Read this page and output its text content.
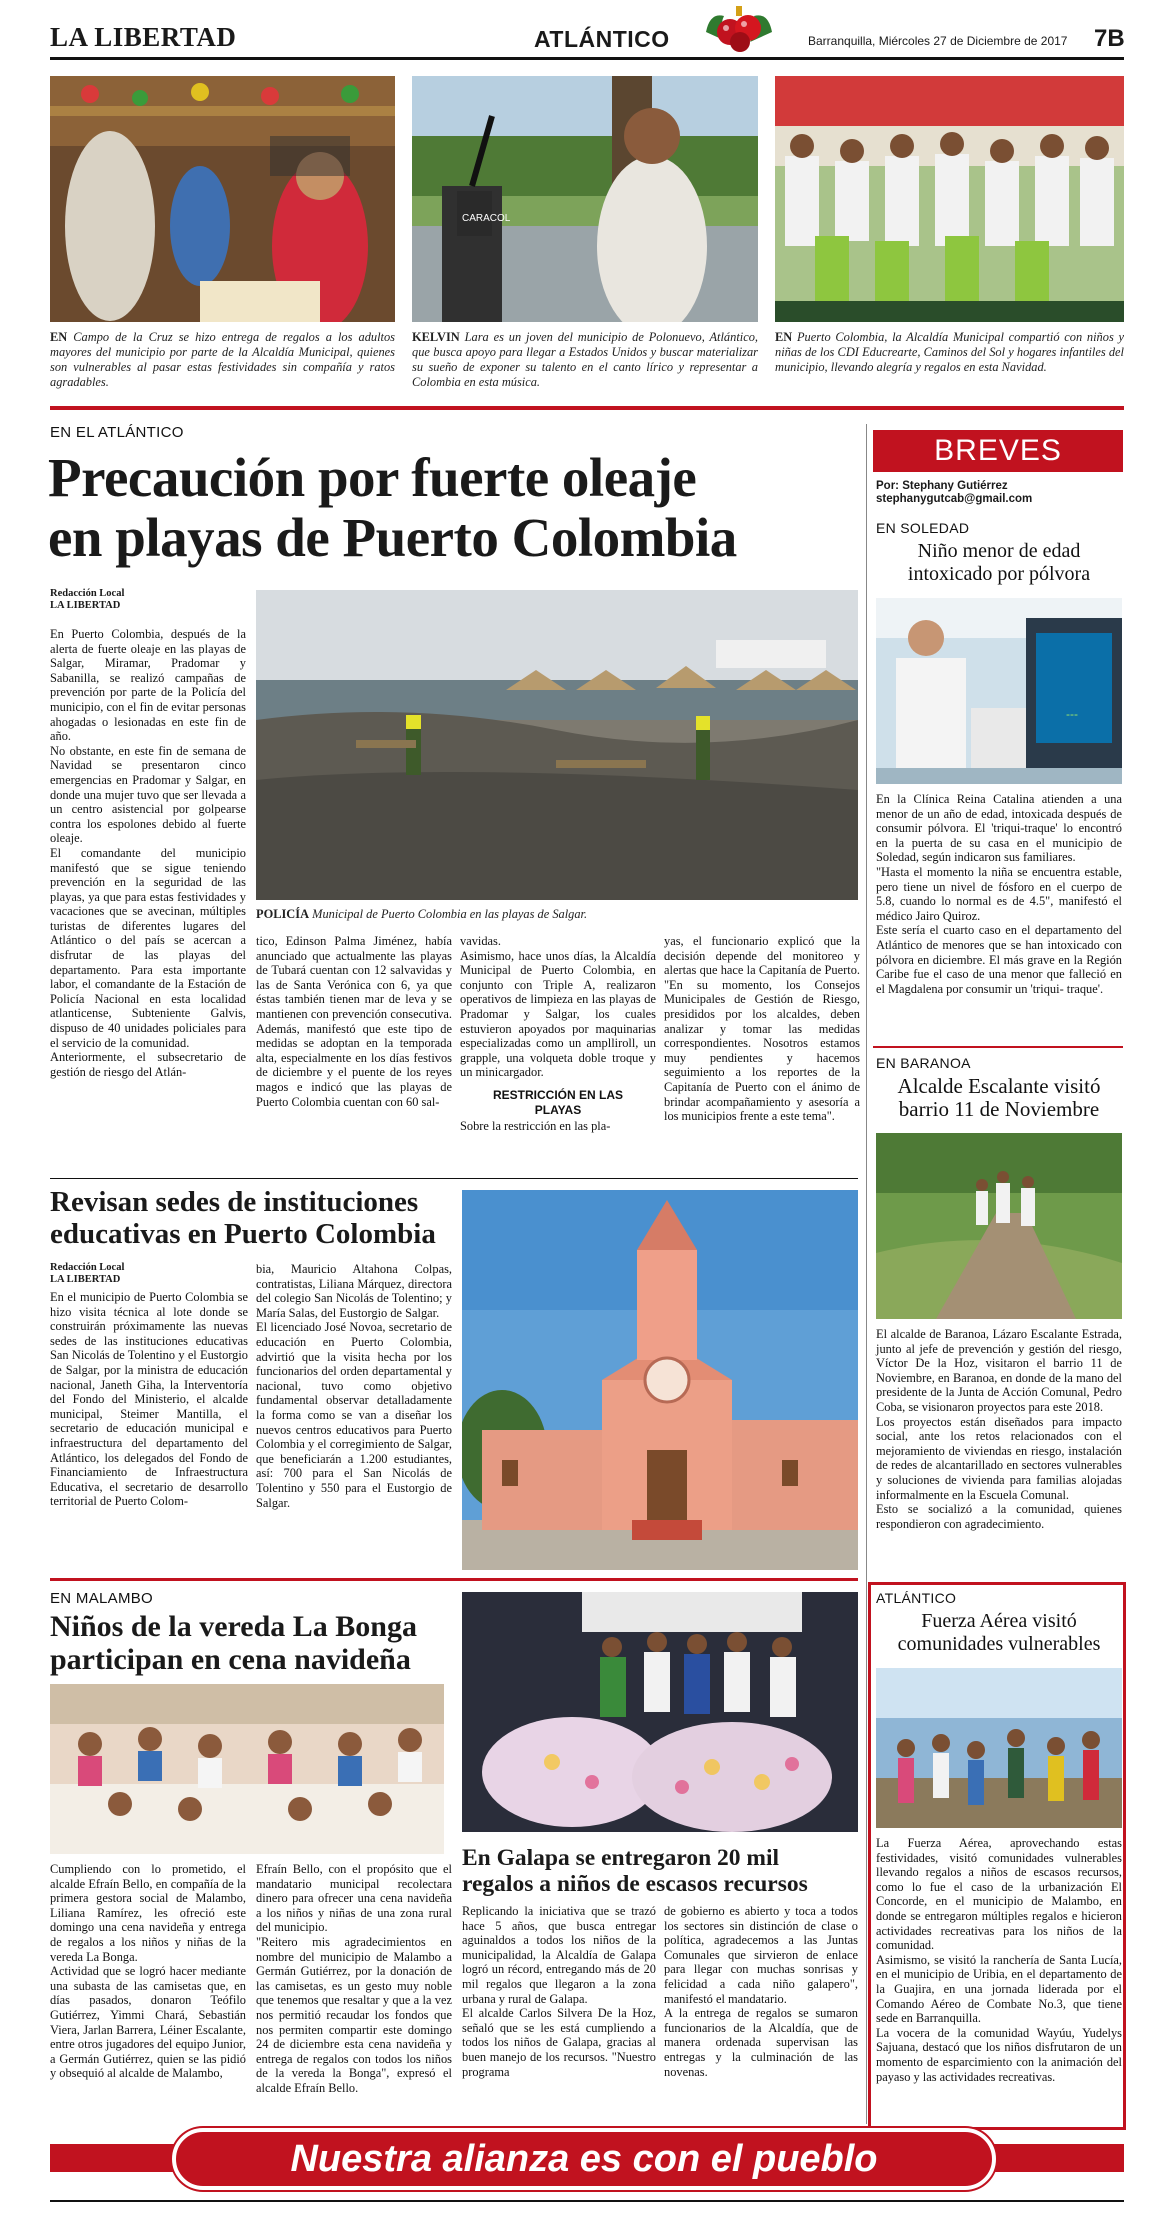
LA LIBERTAD	ATLÁNTICO	Barranquilla, Miércoles 27 de Diciembre de 2017 7B
CARACOL
EN Campo de la Cruz se hizo entrega de regalos a los adultos mayores del municipio por parte de la Alcaldía Municipal, quienes son vulnerables al pasar estas festividades sin compañía y ratos agradables.
KELVIN Lara es un joven del municipio de Polonuevo, Atlántico, que busca apoyo para llegar a Estados Unidos y buscar materializar su sueño de exponer su talento en el canto lírico y representar a Colombia en esta música.
EN Puerto Colombia, la Alcaldía Municipal compartió con niños y niñas de los CDI Educrearte, Caminos del Sol y hogares infantiles del municipio, llevando alegría y regalos en esta Navidad.
EN EL ATLÁNTICO
Precaución por fuerte oleaje
en playas de Puerto Colombia
Redacción Local
LA LIBERTAD

En Puerto Colombia, después de la alerta de fuerte oleaje en las playas de Salgar, Miramar, Pradomar y Sabanilla, se realizó campañas de prevención por parte de la Policía del municipio, con el fin de evitar personas ahogadas o lesionadas en este fin de año.

No obstante, en este fin de semana de Navidad se presentaron cinco emergencias en Pradomar y Salgar, en donde una mujer tuvo que ser llevada a un centro asistencial por golpearse contra los espolones debido al fuerte oleaje.

El comandante del municipio manifestó que se sigue teniendo prevención en la seguridad de las playas, ya que para estas festividades y vacaciones que se avecinan, múltiples turistas de diferentes lugares del Atlántico o del país se acercan a disfrutar de las playas del departamento. Para esta importante labor, el comandante de la Estación de Policía Nacional en esta localidad atlanticense, Subteniente Galvis, dispuso de 40 unidades policiales para el servicio de la comunidad.

Anteriormente, el subsecretario de gestión de riesgo del Atlán-

POLICÍA Municipal de Puerto Colombia en las playas de Salgar.

tico, Edinson Palma Jiménez, había anunciado que actualmente las playas de Tubará cuentan con 12 salvavidas y las de Santa Verónica con 6, ya que éstas también tienen mar de leva y se mantienen con prevención consecutiva. Además, manifestó que este tipo de medidas se adoptan en la temporada alta, especialmente en los días festivos de diciembre y el puente de los reyes magos e indicó que las playas de Puerto Colombia cuentan con 60 sal-

vavidas.

Asimismo, hace unos días, la Alcaldía Municipal de Puerto Colombia, en conjunto con Triple A, realizaron operativos de limpieza en las playas de Pradomar y Salgar, los cuales estuvieron apoyados por maquinarias especializadas como un amplliroll, un grapple, una volqueta doble troque y un minicargador.

RESTRICCIÓN EN LAS PLAYAS

Sobre la restricción en las pla-

yas, el funcionario explicó que la decisión depende del monitoreo y alertas que hace la Capitanía de Puerto. "En su momento, los Consejos Municipales de Gestión de Riesgo, presididos por los alcaldes, deben analizar y tomar las medidas correspondientes. Nosotros estamos muy pendientes y hacemos seguimiento a los reportes de la Capitanía de Puerto con el ánimo de brindar acompañamiento y asesoría a los municipios frente a este tema".

Revisan sedes de instituciones
educativas en Puerto Colombia
Redacción Local
LA LIBERTAD

En el municipio de Puerto Colombia se hizo visita técnica al lote donde se construirán próximamente las nuevas sedes de las instituciones educativas San Nicolás de Tolentino y el Eustorgio de Salgar, por la ministra de educación nacional, Janeth Giha, la Interventoría del Fondo del Ministerio, el alcalde municipal, Steimer Mantilla, el secretario de educación municipal e infraestructura del departamento del Atlántico, los delegados del Fondo de Financiamiento de Infraestructura Educativa, el secretario de desarrollo territorial de Puerto Colom-

bia, Mauricio Altahona Colpas, contratistas, Liliana Márquez, directora del colegio San Nicolás de Tolentino; y María Salas, del Eustorgio de Salgar.

El licenciado José Novoa, secretario de educación en Puerto Colombia, advirtió que la visita hecha por los funcionarios del orden departamental y nacional, tuvo como objetivo fundamental observar detalladamente la forma como se van a diseñar los nuevos centros educativos para Puerto Colombia y el corregimiento de Salgar, que beneficiarán a 1.200 estudiantes, así: 700 para el San Nicolás de Tolentino y 550 para el Eustorgio de Salgar.

EN MALAMBO
Niños de la vereda La Bonga
participan en cena navideña

Cumpliendo con lo prometido, el alcalde Efraín Bello, en compañía de la primera gestora social de Malambo, Liliana Ramírez, les ofreció este domingo una cena navideña y entrega de regalos a los niños y niñas de la vereda La Bonga.

Actividad que se logró hacer mediante una subasta de las camisetas que, en días pasados, donaron Teófilo Gutiérrez, Yimmi Chará, Sebastián Viera, Jarlan Barrera, Léiner Escalante, entre otros jugadores del equipo Junior, a Germán Gutiérrez, quien se las pidió y obsequió al alcalde de Malambo,

Efraín Bello, con el propósito que el mandatario municipal recolectara dinero para ofrecer una cena navideña a los niños y niñas de una zona rural del municipio.

"Reitero mis agradecimientos en nombre del municipio de Malambo a Germán Gutiérrez, por la donación de las camisetas, es un gesto muy noble que tenemos que resaltar y que a la vez nos permitió recaudar los fondos que nos permiten compartir este domingo 24 de diciembre esta cena navideña y entrega de regalos con todos los niños de la vereda la Bonga", expresó el alcalde Efraín Bello.

En Galapa se entregaron 20 mil
regalos a niños de escasos recursos

Replicando la iniciativa que se trazó hace 5 años, que busca entregar aguinaldos a todos los niños de la municipalidad, la Alcaldía de Galapa logró un récord, entregando más de 20 mil regalos que llegaron a la zona urbana y rural de Galapa.

El alcalde Carlos Silvera De la Hoz, señaló que se les está cumpliendo a todos los niños de Galapa, gracias al buen manejo de los recursos. "Nuestro programa

de gobierno es abierto y toca a todos los sectores sin distinción de clase o política, agradecemos a las Juntas Comunales que sirvieron de enlace para llegar con muchas sonrisas y felicidad a cada niño galapero", manifestó el mandatario.

A la entrega de regalos se sumaron funcionarios de la Alcaldía, que de manera ordenada supervisan las entregas y la culminación de las novenas.

BREVES
Por: Stephany Gutiérrez
stephanygutcab@gmail.com
EN SOLEDAD
Niño menor de edad
intoxicado por pólvora
---

En la Clínica Reina Catalina atienden a una menor de un año de edad, intoxicada después de consumir pólvora. El 'triqui-traque' lo encontró en la puerta de su casa en el municipio de Soledad, según indicaron sus familiares.

"Hasta el momento la niña se encuentra estable, pero tiene un nivel de fósforo en el cuerpo de 5.8, cuando lo normal es de 4.5", manifestó el médico Jairo Quiroz.

Este sería el cuarto caso en el departamento del Atlántico de menores que se han intoxicado con pólvora en diciembre. El más grave en la Región Caribe fue el caso de una menor que falleció en el Magdalena por consumir un 'triqui- traque'.

EN BARANOA
Alcalde Escalante visitó
barrio 11 de Noviembre

El alcalde de Baranoa, Lázaro Escalante Estrada, junto al jefe de prevención y gestión del riesgo, Víctor De la Hoz, visitaron el barrio 11 de Noviembre, en Baranoa, en donde de la mano del presidente de la Junta de Acción Comunal, Pedro Coba, se visionaron proyectos para este 2018.

Los proyectos están diseñados para impacto social, ante los retos relacionados con el mejoramiento de viviendas en riesgo, instalación de redes de alcantarillado en sectores vulnerables y soluciones de vivienda para familias alojadas informalmente en la Escuela Comunal.

Esto se socializó a la comunidad, quienes respondieron con agradecimiento.

ATLÁNTICO
Fuerza Aérea visitó
comunidades vulnerables

La Fuerza Aérea, aprovechando estas festividades, visitó comunidades vulnerables llevando regalos a niños de escasos recursos, como lo fue el caso de la urbanización El Concorde, en el municipio de Malambo, en donde se entregaron múltiples regalos e hicieron actividades recreativas para los niños de la comunidad.

Asimismo, se visitó la ranchería de Santa Lucía, en el municipio de Uribia, en el departamento de la Guajira, en una jornada liderada por el Comando Aéreo de Combate No.3, que tiene sede en Barranquilla.

La vocera de la comunidad Wayúu, Yudelys Sajuana, destacó que los niños disfrutaron de un momento de esparcimiento con la animación del payaso y las actividades recreativas.

Nuestra alianza es con el pueblo
